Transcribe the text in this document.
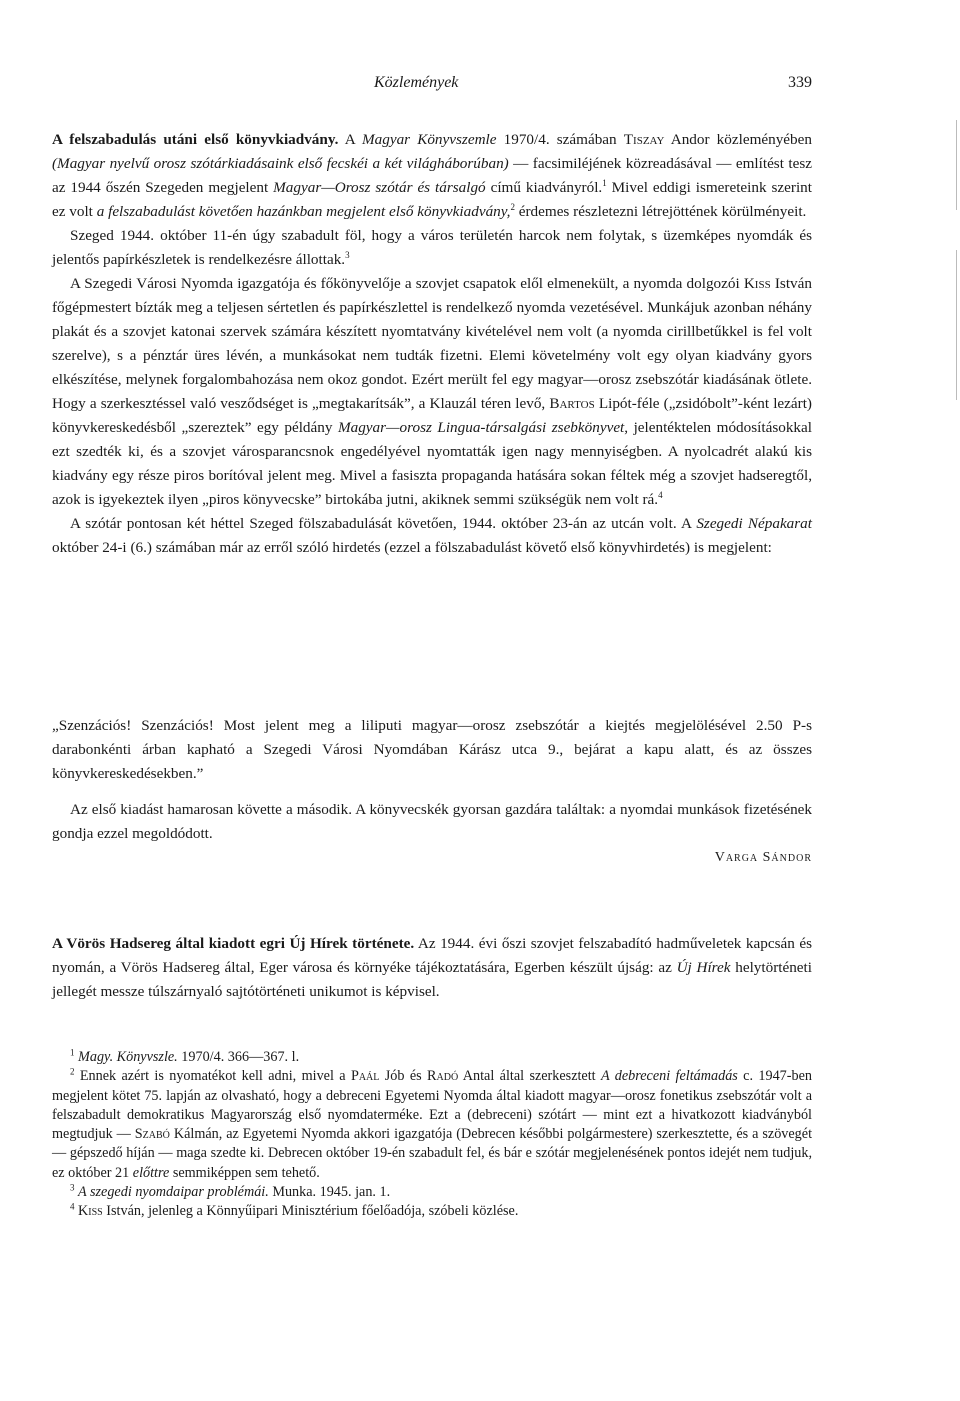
Közlemények	339

A felszabadulás utáni első könyvkiadvány. A Magyar Könyvszemle 1970/4. számában Tiszay Andor közleményében (Magyar nyelvű orosz szótárkiadásaink első fecskéi a két világháborúban) — facsimiléjének közreadásával — említést tesz az 1944 őszén Szegeden megjelent Magyar—Orosz szótár és társalgó című kiadványról.$^1$ Mivel eddigi ismereteink szerint ez volt a felszabadulást követően hazánkban megjelent első könyvkiadvány,$^2$ érdemes részletezni létrejöttének körülményeit.

Szeged 1944. október 11-én úgy szabadult föl, hogy a város területén harcok nem folytak, s üzemképes nyomdák és jelentős papírkészletek is rendelkezésre állottak.$^3$

A Szegedi Városi Nyomda igazgatója és főkönyvelője a szovjet csapatok elől elmenekült, a nyomda dolgozói Kiss István főgépmestert bízták meg a teljesen sértetlen és papírkészlettel is rendelkező nyomda vezetésével. Munkájuk azonban néhány plakát és a szovjet katonai szervek számára készített nyomtatvány kivételével nem volt (a nyomda cirillbetűkkel is fel volt szerelve), s a pénztár üres lévén, a munkásokat nem tudták fizetni. Elemi követelmény volt egy olyan kiadvány gyors elkészítése, melynek forgalombahozása nem okoz gondot. Ezért merült fel egy magyar—orosz zsebszótár kiadásának ötlete. Hogy a szerkesztéssel való vesződséget is „megtakarítsák”, a Klauzál téren levő, Bartos Lipót-féle („zsidóbolt”-ként lezárt) könyvkereskedésből „szereztek” egy példány Magyar—orosz Lingua-társalgási zsebkönyvet, jelentéktelen módosításokkal ezt szedték ki, és a szovjet városparancsnok engedélyével nyomtatták igen nagy mennyiségben. A nyolcadrét alakú kis kiadvány egy része piros borítóval jelent meg. Mivel a fasiszta propaganda hatására sokan féltek még a szovjet hadseregtől, azok is igyekeztek ilyen „piros könyvecske” birtokába jutni, akiknek semmi szükségük nem volt rá.$^4$

A szótár pontosan két héttel Szeged fölszabadulását követően, 1944. október 23-án az utcán volt. A Szegedi Népakarat október 24-i (6.) számában már az erről szóló hirdetés (ezzel a fölszabadulást követő első könyvhirdetés) is megjelent:

„Szenzációs! Szenzációs! Most jelent meg a liliputi magyar—orosz zsebszótár a kiejtés megjelölésével 2.50 P-s darabonkénti árban kapható a Szegedi Városi Nyomdában Kárász utca 9., bejárat a kapu alatt, és az összes könyvkereskedésekben.”

Az első kiadást hamarosan követte a második. A könyvecskék gyorsan gazdára találtak: a nyomdai munkások fizetésének gondja ezzel megoldódott.

Varga Sándor

A Vörös Hadsereg által kiadott egri Új Hírek története. Az 1944. évi őszi szovjet felszabadító hadműveletek kapcsán és nyomán, a Vörös Hadsereg által, Eger városa és környéke tájékoztatására, Egerben készült újság: az Új Hírek helytörténeti jellegét messze túlszárnyaló sajtótörténeti unikumot is képvisel.

$^1$ Magy. Könyvszle. 1970/4. 366—367. l.

$^2$ Ennek azért is nyomatékot kell adni, mivel a Paál Jób és Radó Antal által szerkesztett A debreceni feltámadás c. 1947-ben megjelent kötet 75. lapján az olvasható, hogy a debreceni Egyetemi Nyomda által kiadott magyar—orosz fonetikus zsebszótár volt a felszabadult demokratikus Magyarország első nyomdaterméke. Ezt a (debreceni) szótárt — mint ezt a hivatkozott kiadványból megtudjuk — Szabó Kálmán, az Egyetemi Nyomda akkori igazgatója (Debrecen későbbi polgármestere) szerkesztette, és a szövegét — gépszedő híján — maga szedte ki. Debrecen október 19-én szabadult fel, és bár e szótár megjelenésének pontos idejét nem tudjuk, ez október 21 előttre semmiképpen sem tehető.

$^3$ A szegedi nyomdaipar problémái. Munka. 1945. jan. 1.

$^4$ Kiss István, jelenleg a Könnyűipari Minisztérium főelőadója, szóbeli közlése.
